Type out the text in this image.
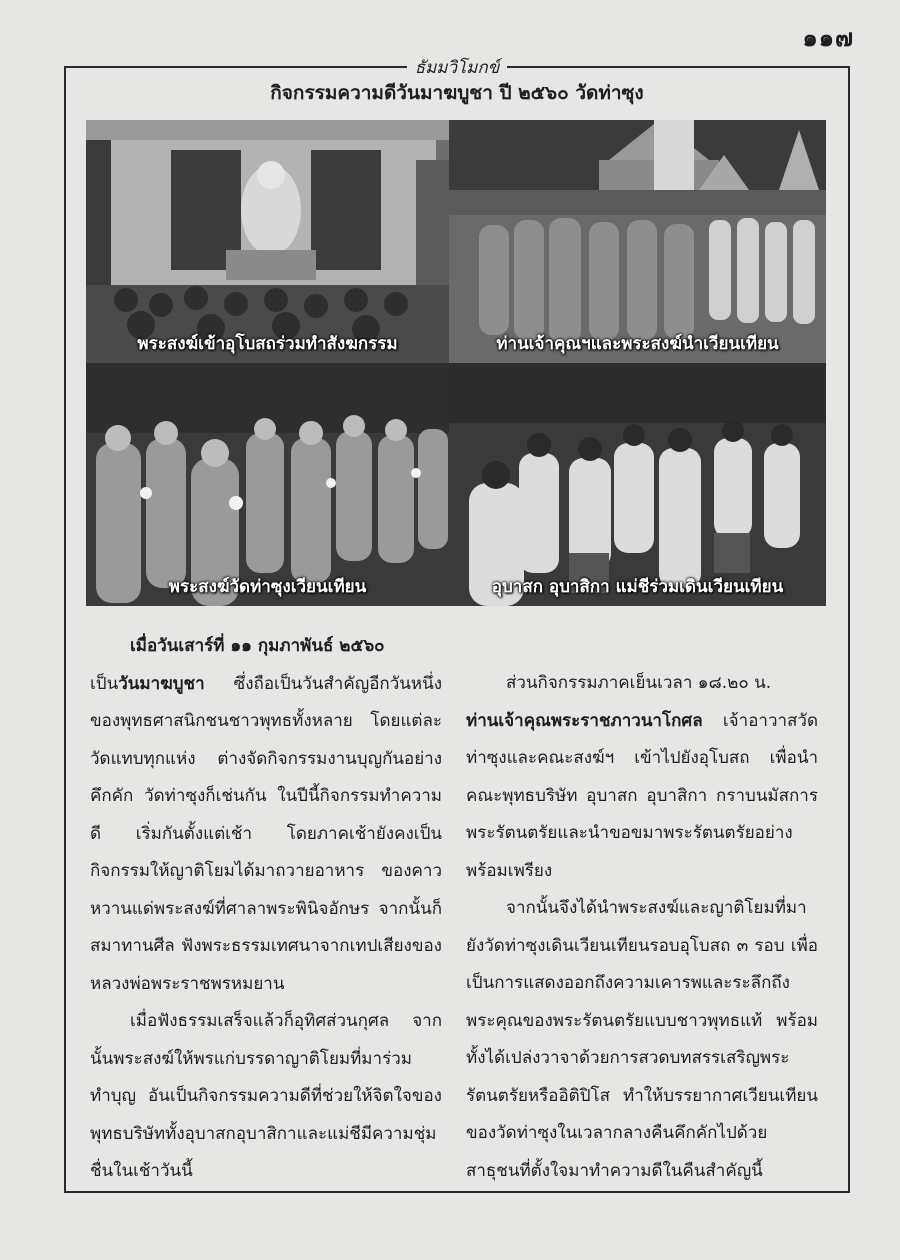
๑๑๗
ธัมมวิโมกข์
กิจกรรมความดีวันมาฆบูชา ปี ๒๕๖๐ วัดท่าซุง
พระสงฆ์เข้าอุโบสถร่วมทำสังฆกรรม	ท่านเจ้าคุณฯและพระสงฆ์นำเวียนเทียน
พระสงฆ์วัดท่าซุงเวียนเทียน	อุบาสก อุบาสิกา แม่ชีร่วมเดินเวียนเทียน

เมื่อวันเสาร์ที่ ๑๑ กุมภาพันธ์ ๒๕๖๐
เป็นวันมาฆบูชา ซึ่งถือเป็นวันสำคัญอีกวันหนึ่งของพุทธศาสนิกชนชาวพุทธทั้งหลาย โดยแต่ละวัดแทบทุกแห่ง ต่างจัดกิจกรรมงานบุญกันอย่างคึกคัก วัดท่าซุงก็เช่นกัน ในปีนี้กิจกรรมทำความดี เริ่มกันตั้งแต่เช้า โดยภาคเช้ายังคงเป็นกิจกรรมให้ญาติโยมได้มาถวายอาหาร ของคาวหวานแด่พระสงฆ์ที่ศาลาพระพินิจอักษร จากนั้นก็สมาทานศีล ฟังพระธรรมเทศนาจากเทปเสียงของหลวงพ่อพระราชพรหมยาน

เมื่อฟังธรรมเสร็จแล้วก็อุทิศส่วนกุศล จากนั้นพระสงฆ์ให้พรแก่บรรดาญาติโยมที่มาร่วมทำบุญ อันเป็นกิจกรรมความดีที่ช่วยให้จิตใจของพุทธบริษัททั้งอุบาสกอุบาสิกาและแม่ชีมีความชุ่มชื่นในเช้าวันนี้

ส่วนกิจกรรมภาคเย็นเวลา ๑๘.๒๐ น.
ท่านเจ้าคุณพระราชภาวนาโกศล เจ้าอาวาสวัดท่าซุงและคณะสงฆ์ฯ เข้าไปยังอุโบสถ เพื่อนำคณะพุทธบริษัท อุบาสก อุบาสิกา กราบนมัสการพระรัตนตรัยและนำขอขมาพระรัตนตรัยอย่างพร้อมเพรียง

จากนั้นจึงได้นำพระสงฆ์และญาติโยมที่มายังวัดท่าซุงเดินเวียนเทียนรอบอุโบสถ ๓ รอบ เพื่อเป็นการแสดงออกถึงความเคารพและระลึกถึงพระคุณของพระรัตนตรัยแบบชาวพุทธแท้ พร้อมทั้งได้เปล่งวาจาด้วยการสวดบทสรรเสริญพระรัตนตรัยหรืออิติปิโส ทำให้บรรยากาศเวียนเทียนของวัดท่าซุงในเวลากลางคืนคึกคักไปด้วยสาธุชนที่ตั้งใจมาทำความดีในคืนสำคัญนี้
